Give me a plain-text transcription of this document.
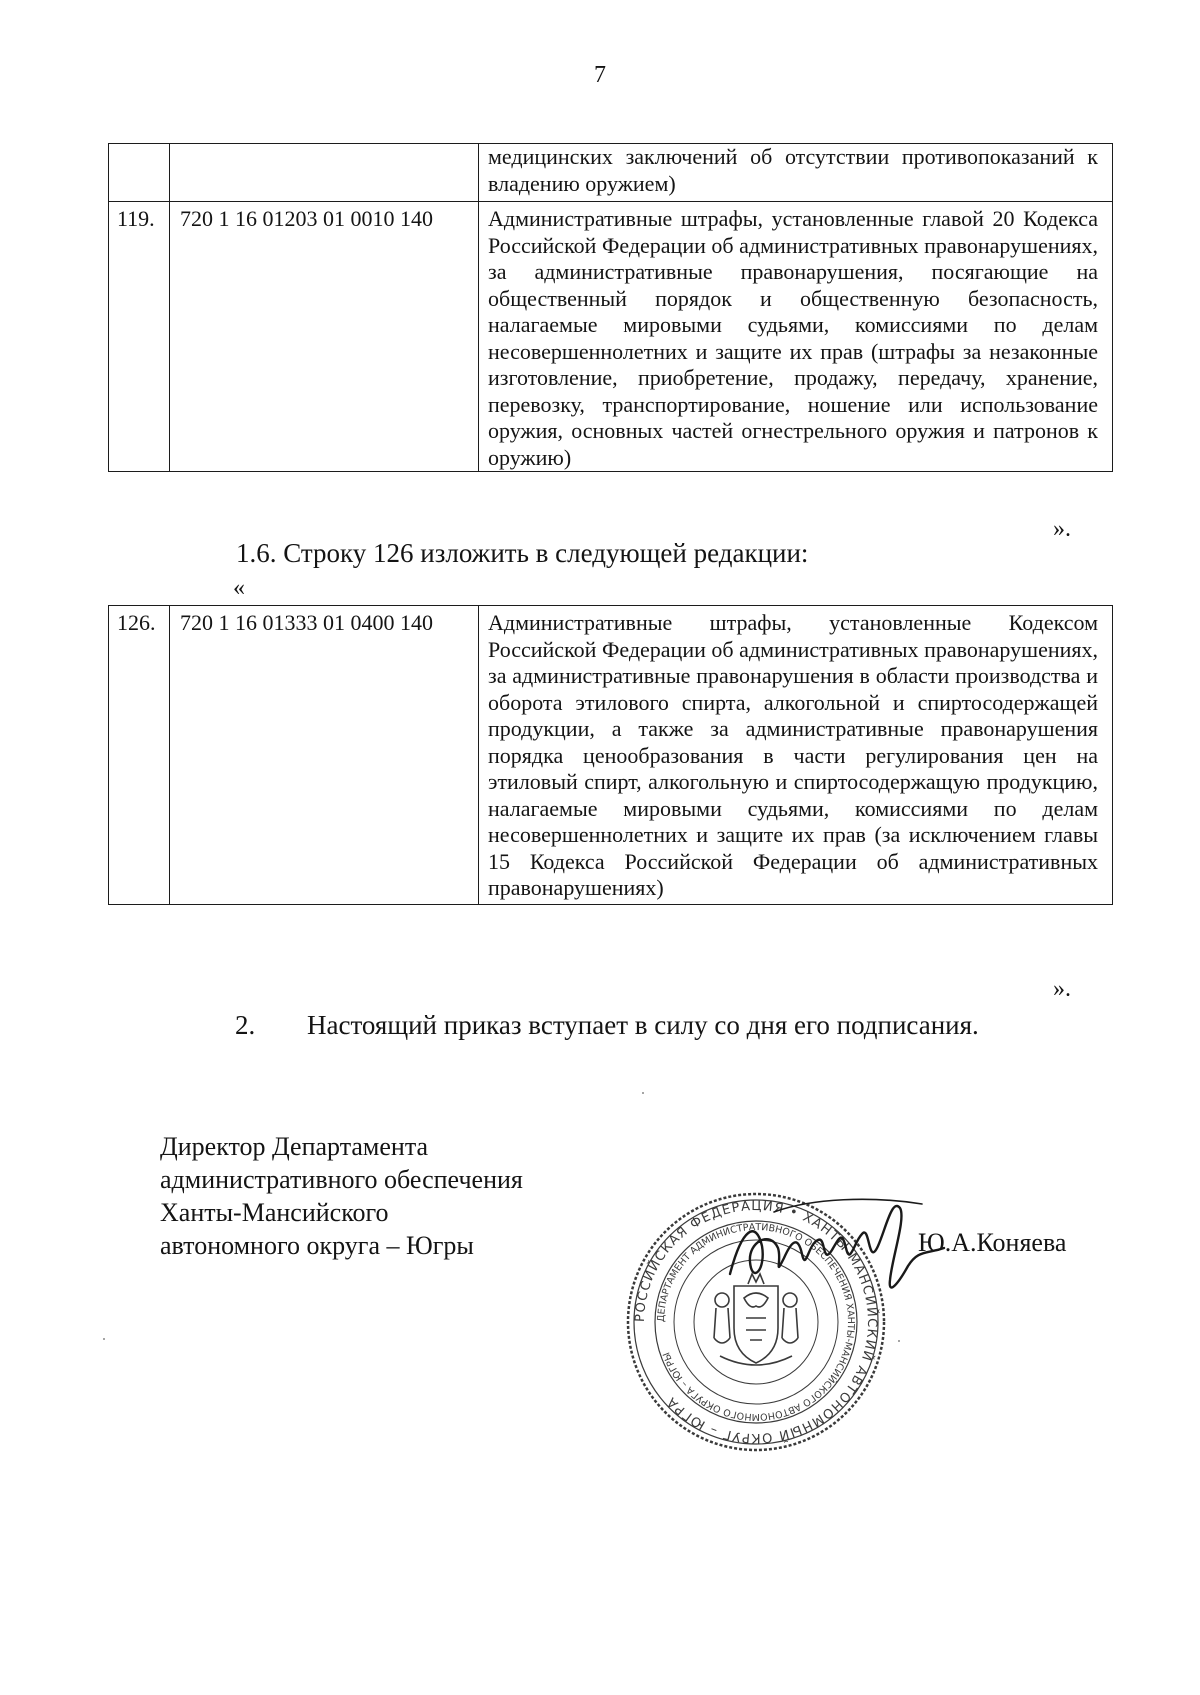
7
		медицинских заключений об отсутствии противопоказаний к владению оружием)
119.	720 1 16 01203 01 0010 140	Административные штрафы, установленные главой 20 Кодекса Российской Федерации об административных правонарушениях, за административные правонарушения, посягающие на общественный порядок и общественную безопасность, налагаемые мировыми судьями, комиссиями по делам несовершеннолетних и защите их прав (штрафы за незаконные изготовление, приобретение, продажу, передачу, хранение, перевозку, транспортирование, ношение или использование оружия, основных частей огнестрельного оружия и патронов к оружию)
».
1.6. Строку 126 изложить в следующей редакции:
«
126.	720 1 16 01333 01 0400 140	Административные штрафы, установленные Кодексом Российской Федерации об административных правонарушениях, за административные правонарушения в области производства и оборота этилового спирта, алкогольной и спиртосодержащей продукции, а также за административные правонарушения порядка ценообразования в части регулирования цен на этиловый спирт, алкогольную и спиртосодержащую продукцию, налагаемые мировыми судьями, комиссиями по делам несовершеннолетних и защите их прав (за исключением главы 15 Кодекса Российской Федерации об административных правонарушениях)
».
2. Настоящий приказ вступает в силу со дня его подписания.
Директор Департамента
административного обеспечения
Ханты-Мансийского
автономного округа – Югры
РОССИЙСКАЯ ФЕДЕРАЦИЯ • ХАНТЫ-МАНСИЙСКИЙ АВТОНОМНЫЙ ОКРУГ – ЮГРА
ДЕПАРТАМЕНТ АДМИНИСТРАТИВНОГО ОБЕСПЕЧЕНИЯ ХАНТЫ-МАНСИЙСКОГО АВТОНОМНОГО ОКРУГА – ЮГРЫ
Ю.А.Коняева
